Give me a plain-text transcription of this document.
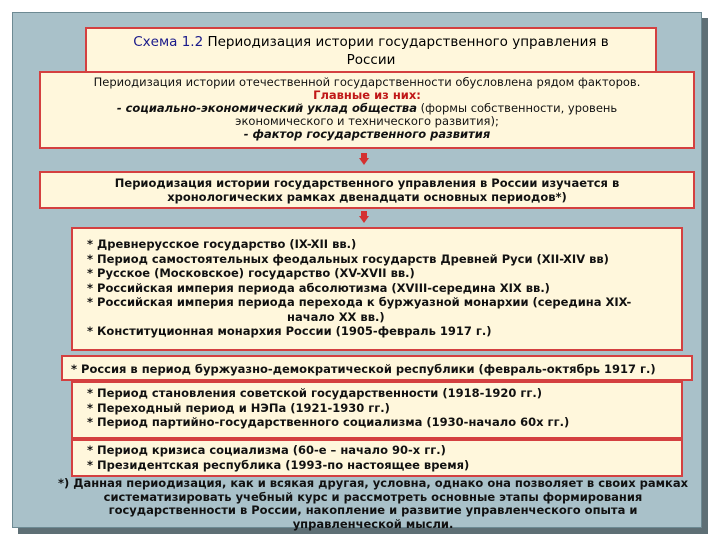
Схема 1.2 Периодизация истории государственного управления в
России
Периодизация истории отечественной государственности обусловлена рядом факторов.
Главные из них:
- социально-экономический уклад общества (формы собственности, уровень
экономического и технического развития);
- фактор государственного развития
Периодизация истории государственного управления в России изучается в
хронологических рамках двенадцати основных периодов*)
* Древнерусское государство (IX-XII вв.)
* Период самостоятельных феодальных государств Древней Руси (XII-XIV вв)
* Русское (Московское) государство (XV-XVII вв.)
* Российская империя периода абсолютизма (XVIII-середина XIX вв.)
* Российская империя периода перехода к буржуазной монархии (середина XIX-
начало XX вв.)
* Конституционная монархия России (1905-февраль 1917 г.)
* Россия в период буржуазно-демократической республики (февраль-октябрь 1917 г.)
* Период становления советской государственности (1918-1920 гг.)
* Переходный период и НЭПа (1921-1930 гг.)
* Период партийно-государственного социализма (1930-начало 60х гг.)
* Период кризиса социализма (60-е – начало 90-х гг.)
* Президентская республика (1993-по настоящее время)
*) Данная периодизация, как и всякая другая, условна, однако она позволяет в своих рамках систематизировать учебный курс и рассмотреть основные этапы формирования государственности в России, накопление и развитие управленческого опыта и управленческой мысли.
